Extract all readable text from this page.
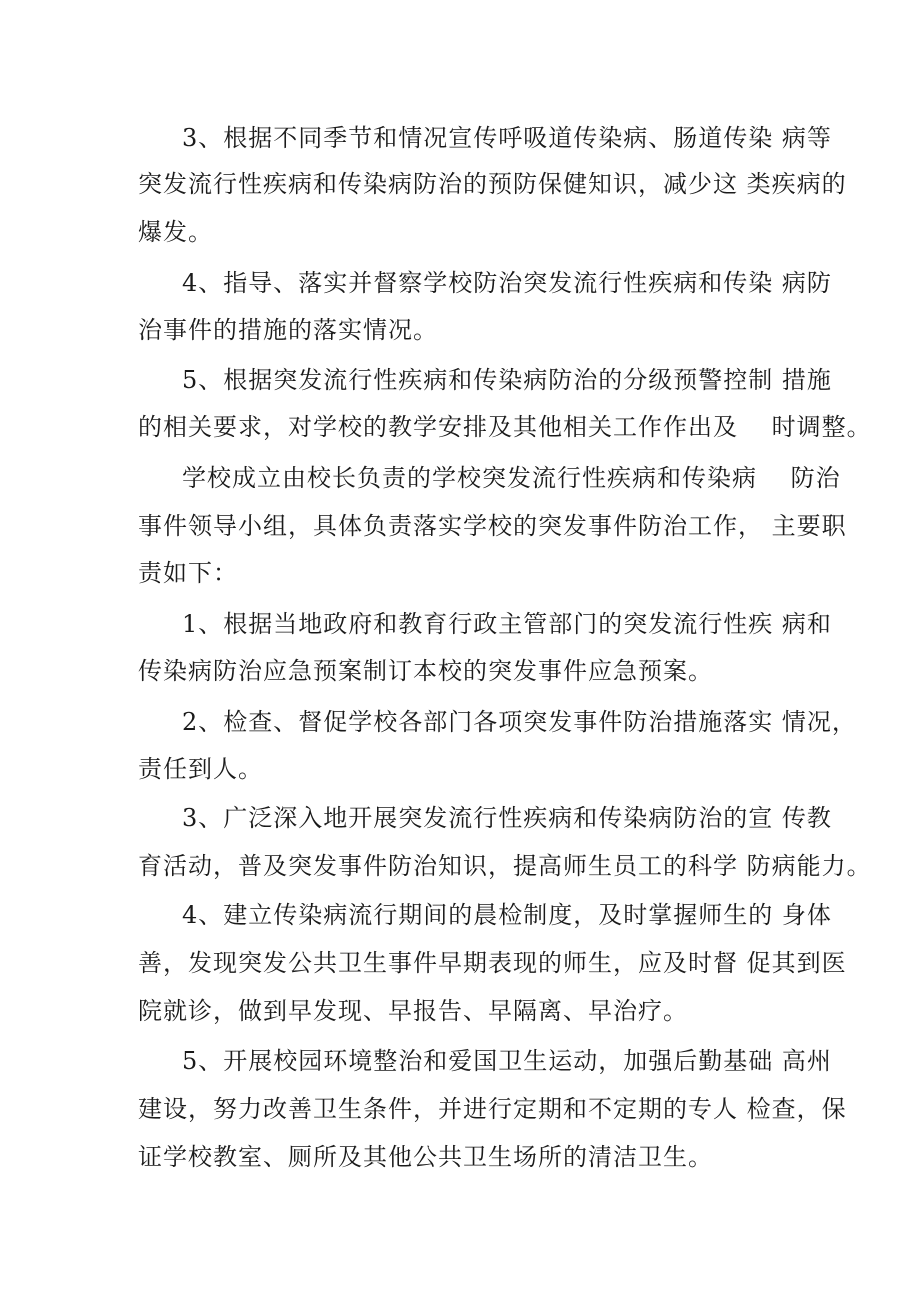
3、根据不同季节和情况宣传呼吸道传染病、肠道传染 病等
突发流行性疾病和传染病防治的预防保健知识，减少这 类疾病的
爆发。
4、指导、落实并督察学校防治突发流行性疾病和传染 病防
治事件的措施的落实情况。
5、根据突发流行性疾病和传染病防治的分级预警控制 措施
的相关要求，对学校的教学安排及其他相关工作作出及　 时调整。
学校成立由校长负责的学校突发流行性疾病和传染病　 防治
事件领导小组，具体负责落实学校的突发事件防治工作， 主要职
责如下：
1、根据当地政府和教育行政主管部门的突发流行性疾 病和
传染病防治应急预案制订本校的突发事件应急预案。
2、检查、督促学校各部门各项突发事件防治措施落实 情况，
责任到人。
3、广泛深入地开展突发流行性疾病和传染病防治的宣 传教
育活动，普及突发事件防治知识，提高师生员工的科学 防病能力。
4、建立传染病流行期间的晨检制度，及时掌握师生的 身体
善，发现突发公共卫生事件早期表现的师生，应及时督 促其到医
院就诊，做到早发现、早报告、早隔离、早治疗。
5、开展校园环境整治和爱国卫生运动，加强后勤基础 高州
建设，努力改善卫生条件，并进行定期和不定期的专人 检查，保
证学校教室、厕所及其他公共卫生场所的清洁卫生。
